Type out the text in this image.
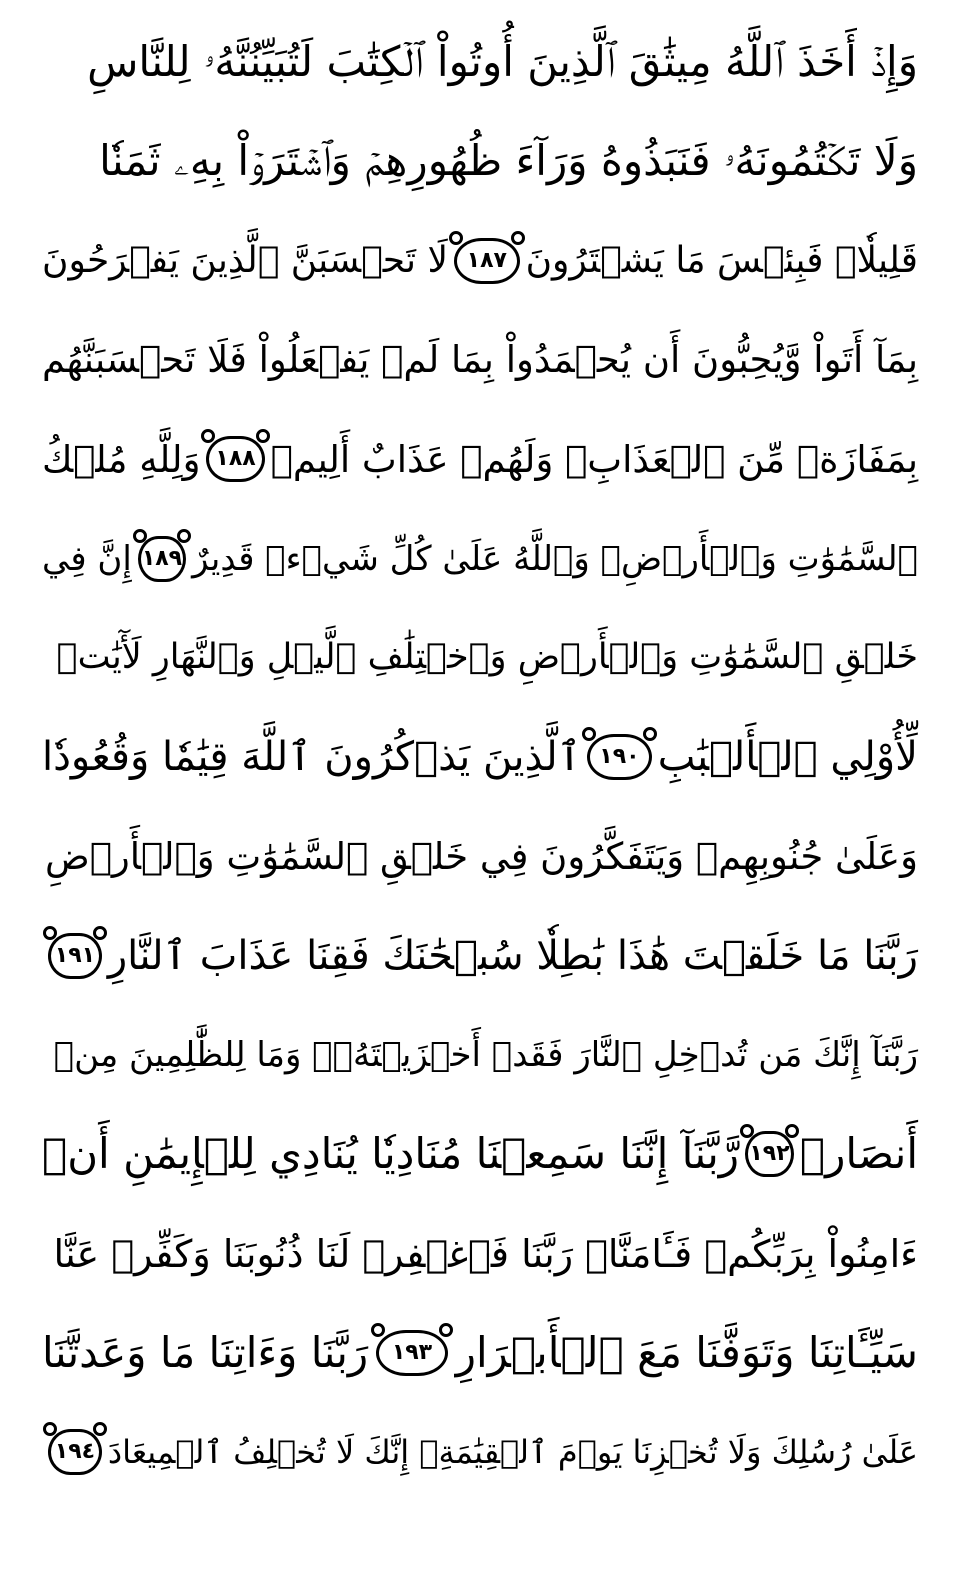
وَإِذۡ أَخَذَ ٱللَّهُ مِيثَٰقَ ٱلَّذِينَ أُوتُواْ ٱلۡكِتَٰبَ لَتُبَيِّنُنَّهُۥ لِلنَّاسِ
وَلَا تَكۡتُمُونَهُۥ فَنَبَذُوهُ وَرَآءَ ظُهُورِهِمۡ وَٱشۡتَرَوۡاْ بِهِۦ ثَمَنٗا
قَلِيلٗاۖ فَبِئۡسَ مَا يَشۡتَرُونَ
١٨٧
لَا تَحۡسَبَنَّ ٱلَّذِينَ يَفۡرَحُونَ
بِمَآ أَتَواْ وَّيُحِبُّونَ أَن يُحۡمَدُواْ بِمَا لَمۡ يَفۡعَلُواْ فَلَا تَحۡسَبَنَّهُم
بِمَفَازَةٖ مِّنَ ٱلۡعَذَابِۖ وَلَهُمۡ عَذَابٌ أَلِيمٞ
١٨٨
وَلِلَّهِ مُلۡكُ
ٱلسَّمَٰوَٰتِ وَٱلۡأَرۡضِۗ وَٱللَّهُ عَلَىٰ كُلِّ شَيۡءٖ قَدِيرٌ
١٨٩
إِنَّ فِي
خَلۡقِ ٱلسَّمَٰوَٰتِ وَٱلۡأَرۡضِ وَٱخۡتِلَٰفِ ٱلَّيۡلِ وَٱلنَّهَارِ لَأٓيَٰتٖ
لِّأُوْلِي ٱلۡأَلۡبَٰبِ
١٩٠
ٱلَّذِينَ يَذۡكُرُونَ ٱللَّهَ قِيَٰمٗا وَقُعُودٗا
وَعَلَىٰ جُنُوبِهِمۡ وَيَتَفَكَّرُونَ فِي خَلۡقِ ٱلسَّمَٰوَٰتِ وَٱلۡأَرۡضِ
رَبَّنَا مَا خَلَقۡتَ هَٰذَا بَٰطِلٗا سُبۡحَٰنَكَ فَقِنَا عَذَابَ ٱلنَّارِ
١٩١
رَبَّنَآ إِنَّكَ مَن تُدۡخِلِ ٱلنَّارَ فَقَدۡ أَخۡزَيۡتَهُۥۖ وَمَا لِلظَّٰلِمِينَ مِنۡ
أَنصَارٖ
١٩٢
رَّبَّنَآ إِنَّنَا سَمِعۡنَا مُنَادِيٗا يُنَادِي لِلۡإِيمَٰنِ أَنۡ
ءَامِنُواْ بِرَبِّكُمۡ فَـَٔامَنَّاۚ رَبَّنَا فَٱغۡفِرۡ لَنَا ذُنُوبَنَا وَكَفِّرۡ عَنَّا
سَيِّـَٔاتِنَا وَتَوَفَّنَا مَعَ ٱلۡأَبۡرَارِ
١٩٣
رَبَّنَا وَءَاتِنَا مَا وَعَدتَّنَا
عَلَىٰ رُسُلِكَ وَلَا تُخۡزِنَا يَوۡمَ ٱلۡقِيَٰمَةِۖ إِنَّكَ لَا تُخۡلِفُ ٱلۡمِيعَادَ
١٩٤
